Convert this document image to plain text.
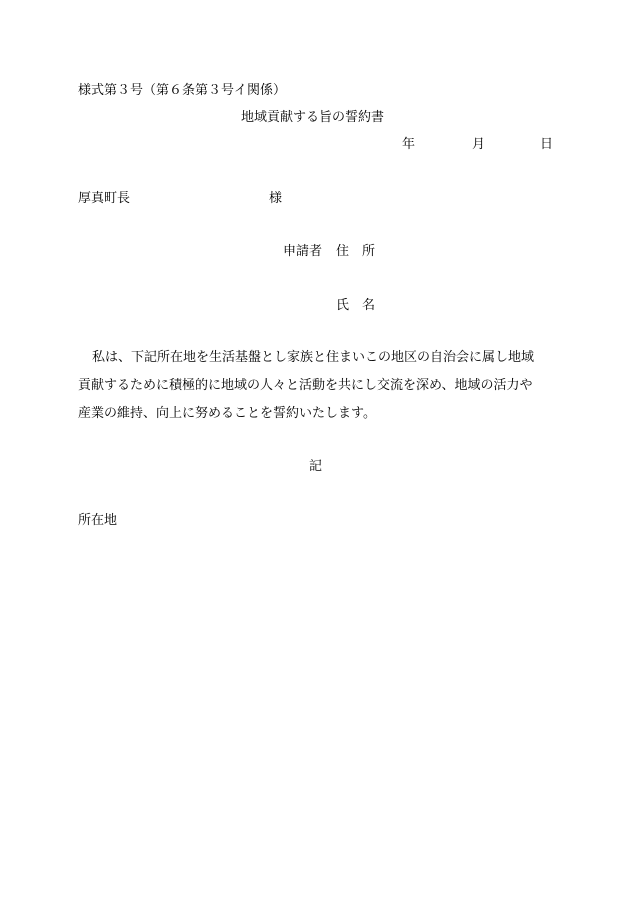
様式第３号（第６条第３号イ関係）
地域貢献する旨の誓約書
年	月	日
厚真町長	様
申請者 住　所
氏　名
私は、下記所在地を生活基盤とし家族と住まいこの地区の自治会に属し地域
貢献するために積極的に地域の人々と活動を共にし交流を深め、地域の活力や
産業の維持、向上に努めることを誓約いたします。
記
所在地
